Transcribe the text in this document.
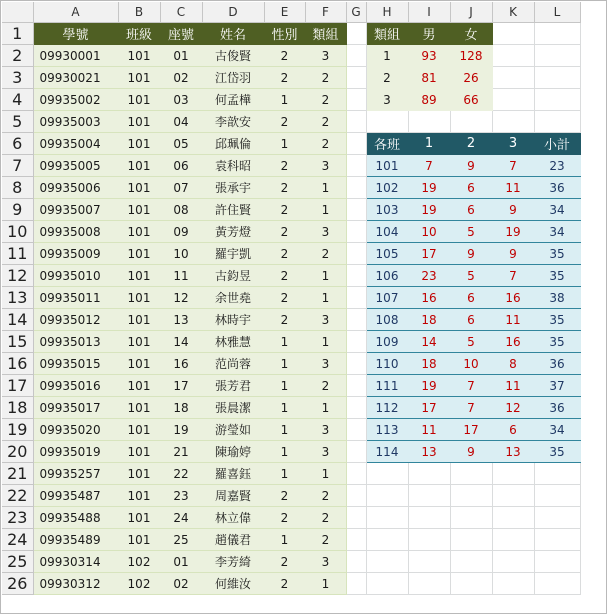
	A	B	C	D	E	F	G	H	I	J	K	L
1	學號	班級	座號	姓名	性別	類組		類組	男	女		
2	09930001	101	01	古俊賢	2	3		1	93	128		
3	09930021	101	02	江岱羽	2	2		2	81	26		
4	09935002	101	03	何孟樺	1	2		3	89	66		
5	09935003	101	04	李歆安	2	2						
6	09935004	101	05	邱珮倫	1	2		各班	1	2	3	小計
7	09935005	101	06	袁科昭	2	3		101	7	9	7	23
8	09935006	101	07	張承宇	2	1		102	19	6	11	36
9	09935007	101	08	許住賢	2	1		103	19	6	9	34
10	09935008	101	09	黃芳燈	2	3		104	10	5	19	34
11	09935009	101	10	羅宇凱	2	2		105	17	9	9	35
12	09935010	101	11	古鈞昱	2	1		106	23	5	7	35
13	09935011	101	12	余世堯	2	1		107	16	6	16	38
14	09935012	101	13	林時宇	2	3		108	18	6	11	35
15	09935013	101	14	林雅慧	1	1		109	14	5	16	35
16	09935015	101	16	范尚蓉	1	3		110	18	10	8	36
17	09935016	101	17	張芳君	1	2		111	19	7	11	37
18	09935017	101	18	張晨潔	1	1		112	17	7	12	36
19	09935020	101	19	游瑩如	1	3		113	11	17	6	34
20	09935019	101	21	陳瑜婷	1	3		114	13	9	13	35
21	09935257	101	22	羅喜鈺	1	1						
22	09935487	101	23	周嘉賢	2	2						
23	09935488	101	24	林立偉	2	2						
24	09935489	101	25	趙儀君	1	2						
25	09930314	102	01	李芳綺	2	3						
26	09930312	102	02	何維汝	2	1						
